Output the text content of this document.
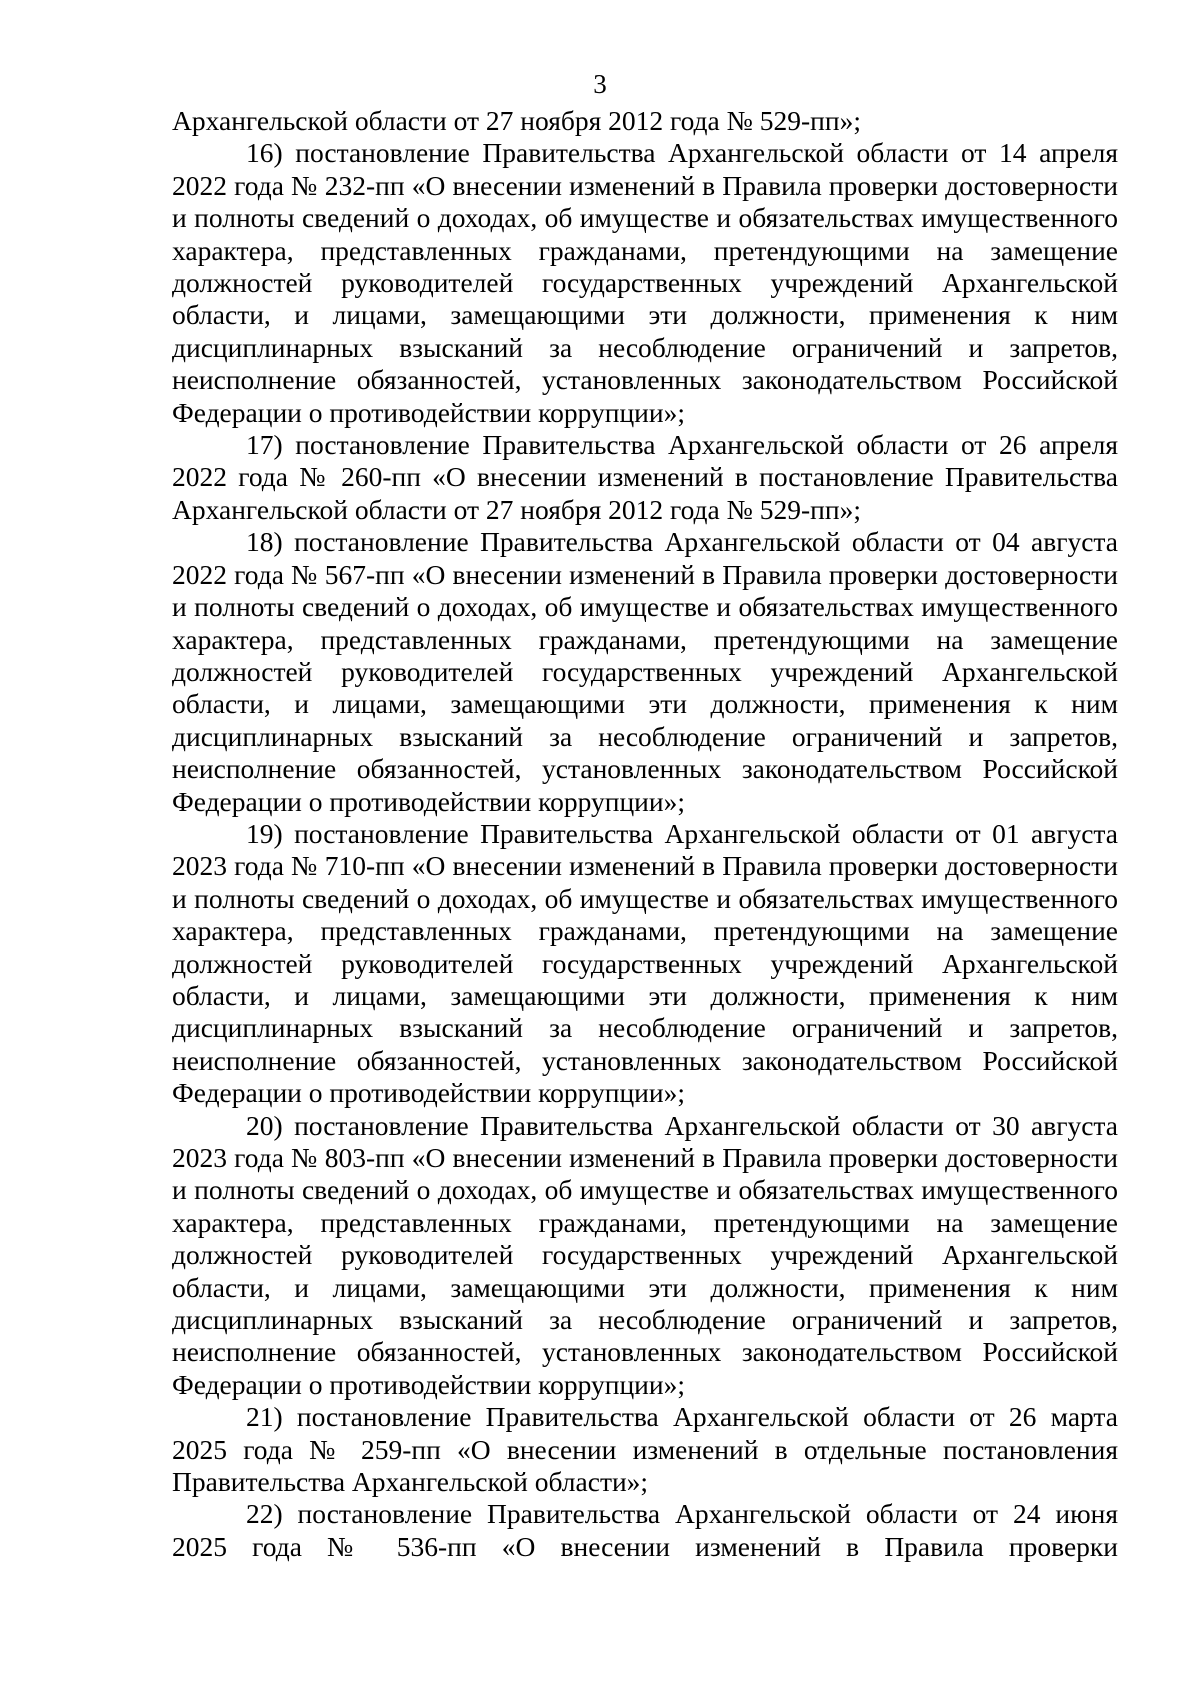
3

Архангельской области от 27 ноября 2012 года № 529-пп»;

16) постановление Правительства Архангельской области от 14 апреля 2022 года № 232-пп «О внесении изменений в Правила проверки достоверности и полноты сведений о доходах, об имуществе и обязательствах имущественного характера, представленных гражданами, претендующими на замещение должностей руководителей государственных учреждений Архангельской области, и лицами, замещающими эти должности, применения к ним дисциплинарных взысканий за несоблюдение ограничений и запретов, неисполнение обязанностей, установленных законодательством Российской Федерации о противодействии коррупции»;

17) постановление Правительства Архангельской области от 26 апреля 2022 года № 260-пп «О внесении изменений в постановление Правительства Архангельской области от 27 ноября 2012 года № 529-пп»;

18) постановление Правительства Архангельской области от 04 августа 2022 года № 567-пп «О внесении изменений в Правила проверки достоверности и полноты сведений о доходах, об имуществе и обязательствах имущественного характера, представленных гражданами, претендующими на замещение должностей руководителей государственных учреждений Архангельской области, и лицами, замещающими эти должности, применения к ним дисциплинарных взысканий за несоблюдение ограничений и запретов, неисполнение обязанностей, установленных законодательством Российской Федерации о противодействии коррупции»;

19) постановление Правительства Архангельской области от 01 августа 2023 года № 710-пп «О внесении изменений в Правила проверки достоверности и полноты сведений о доходах, об имуществе и обязательствах имущественного характера, представленных гражданами, претендующими на замещение должностей руководителей государственных учреждений Архангельской области, и лицами, замещающими эти должности, применения к ним дисциплинарных взысканий за несоблюдение ограничений и запретов, неисполнение обязанностей, установленных законодательством Российской Федерации о противодействии коррупции»;

20) постановление Правительства Архангельской области от 30 августа 2023 года № 803-пп «О внесении изменений в Правила проверки достоверности и полноты сведений о доходах, об имуществе и обязательствах имущественного характера, представленных гражданами, претендующими на замещение должностей руководителей государственных учреждений Архангельской области, и лицами, замещающими эти должности, применения к ним дисциплинарных взысканий за несоблюдение ограничений и запретов, неисполнение обязанностей, установленных законодательством Российской Федерации о противодействии коррупции»;

21) постановление Правительства Архангельской области от 26 марта 2025 года № 259-пп «О внесении изменений в отдельные постановления Правительства Архангельской области»;

22) постановление Правительства Архангельской области от 24 июня 2025 года № 536-пп «О внесении изменений в Правила проверки
